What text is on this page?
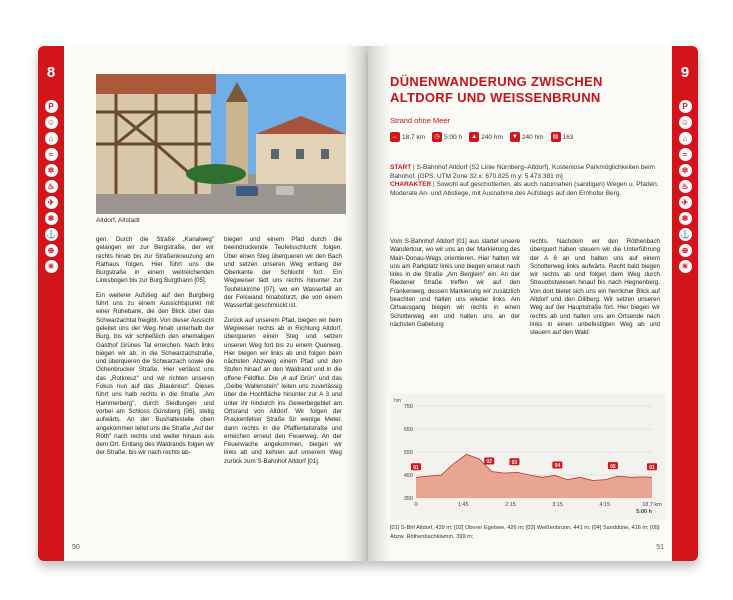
8
P
☺
⌂
≈
✲
♨
✈
❄
⚓
⊕
☀
Altdorf, Altstadt

gen. Durch die Straße „Kanalweg" gelangen wir zur Bergstraße, der wir rechts hinab bis zur Straßenkreuzung am Rathaus folgen. Hier führt uns die Burgstraße in einem weitreichenden Linksbogen bis zur Burg Burgthann [05].

Ein weiterer Aufstieg auf den Burgberg führt uns zu einem Aussichtspunkt mit einer Ruhebank, die den Blick über das Schwarzachtal freigibt. Von dieser Aussicht geleitet uns der Weg hinab unterhalb der Burg, bis wir schließlich den ehemaligen Gasthof Grünes Tal erreichen. Nach links biegen wir ab, in die Schwarzachstraße, und überqueren die Schwarzach sowie die Ochenbrucker Straße. Hier verlässt uns das „Rotkreuz" und wir richten unseren Fokus nun auf das „Blaukreuz". Dieses führt uns halb rechts in die Straße „Am Hammerberg", durch Siedlungen und vorbei am Schloss Günsberg [06], stetig aufwärts. An der Bushaltestelle oben angekommen leitet uns die Straße „Auf der Röth" nach rechts und weiter hinaus aus dem Ort. Entlang des Waldrands folgen wir der Straße, bis wir nach rechts ab-

biegen und einem Pfad durch die beeindruckende Teufelsschlucht folgen. Über einen Steg überqueren wir den Bach und setzen unseren Weg entlang der Oberkante der Schlucht fort. Ein Wegweiser lädt uns rechts hinunter zur Teufelskirche [07], wo ein Wasserfall an der Felswand hinabstürzt, die von einem Wasserfall geschmückt ist.

Zurück auf unserem Pfad, biegen wir beim Wegweiser rechts ab in Richtung Altdorf, überqueren einen Steg und setzen unseren Weg fort bis zu einem Querweg. Hier biegen wir links ab und folgen beim nächsten Abzweig einem Pfad und den Stufen hinauf an den Waldrand und in die offene Feldflur. Die „4 auf Grün" und das „Gelbe Wallenstein" leiten uns zuverlässig über die Hochfläche hinunter zur A 3 und unter ihr hindurch ins Gewerbegebiet am Ortsrand von Altdorf. Wir folgen der Prackenfelser Straße für wenige Meter, dann rechts in die Pfaffentalstraße und erreichen erneut den Feuerweg. An der Feuerwache angekommen, biegen wir links ab und kehren auf unserem Weg zurück zum S-Bahnhof Altdorf [01].

50
DÜNENWANDERUNG ZWISCHEN ALTDORF UND WEISSENBRUNN
Strand ohne Meer
↔ 18,7 km	◷ 5:00 h	▲ 240 hm	▼ 240 hm	▤ 163
START | S-Bahnhof Altdorf (S2 Linie Nürnberg–Altdorf). Kostenlose Parkmöglichkeiten beim Bahnhof. [GPS: UTM Zone 32 x: 670.825 m y: 5.473.381 m]
CHARAKTER | Sowohl auf geschotterten, als auch naturnahen (sandigen) Wegen u. Pfaden. Moderate An- und Abstiege, mit Ausnahme des Aufstiegs auf den Ernhofer Berg.
Vom S-Bahnhof Altdorf [01] aus startet unsere Wandertour, wo wir uns an der Markierung des Main-Donau-Wegs orientieren. Hier halten wir uns am Parkplatz links und biegen erneut nach links in die Straße „Am Berglein" ein. An der Riedener Straße treffen wir auf den Frankenweg, dessen Markierung wir zusätzlich beachten und halten uns wieder links. Am Ortsausgang biegen wir rechts in einen Schotterweg ein und halten uns an der nächsten Gabelung
rechts. Nachdem wir den Röthenbach überquert haben steuern wir die Unterführung der A 6 an und halten uns auf einem Schotterweg links aufwärts. Recht bald biegen wir rechts ab und folgen dem Weg durch Streuobstwiesen hinauf bis nach Hegnenberg. Von dort bietet sich uns ein herrlicher Blick auf Altdorf und den Dillberg. Wir setzen unseren Weg auf der Hauptstraße fort. Hier biegen wir rechts ab und halten uns am Ortsende nach links in einen unbefestigten Weg ab und steuern auf den Wald
hm
350
450
550
650
750
0	1:45	2:15	3:15	4:15	18,7 km
5:00 h
01
02	03
04	05	01
[01] S-Bhf Altdorf, 439 m; [02] Oberer Egelsee, 426 m; [03] Weißenbrunn, 441 m; [04] Sanddüne, 416 m; [05] Abzw. Röthenbachklamm, 399 m;
9
P
☺
⌂
≈
✲
♨
✈
❄
⚓
⊕
☀
51
